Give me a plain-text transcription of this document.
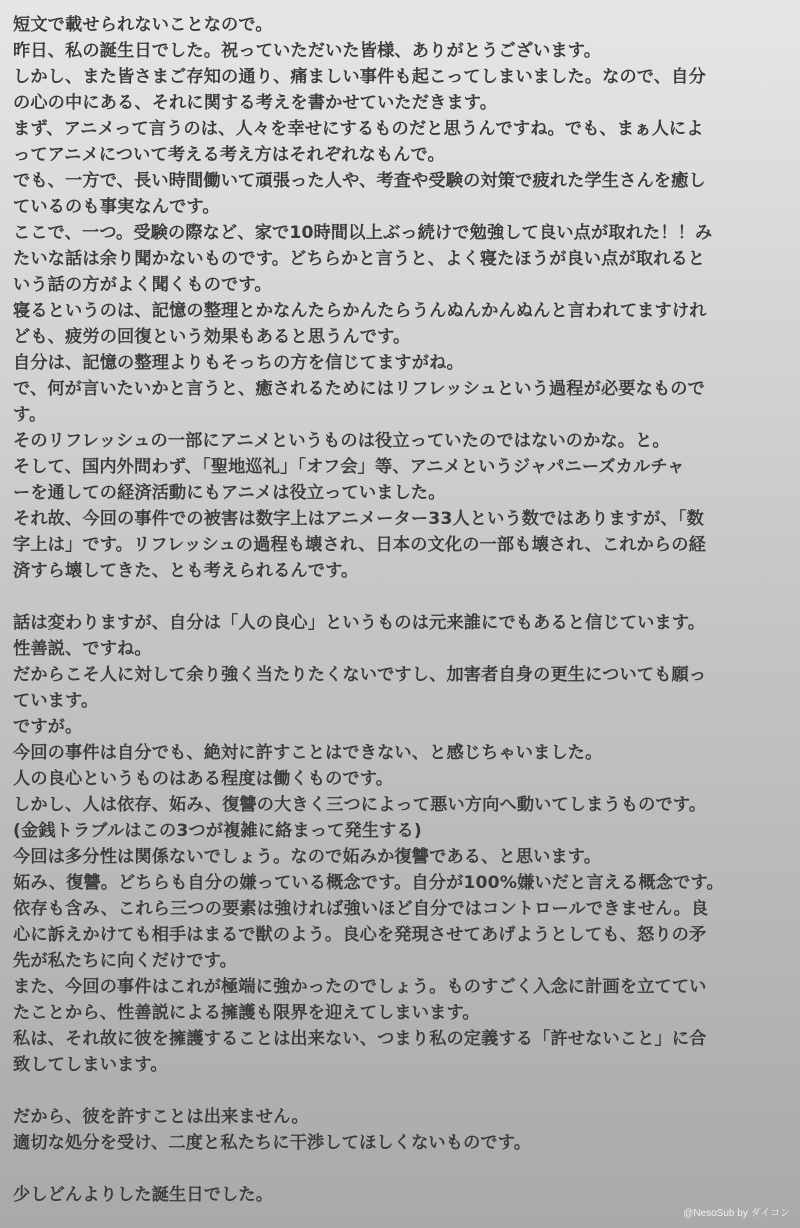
短文で載せられないことなので。
昨日、私の誕生日でした。祝っていただいた皆様、ありがとうございます。
しかし、また皆さまご存知の通り、痛ましい事件も起こってしまいました。なので、自分
の心の中にある、それに関する考えを書かせていただきます。
まず、アニメって言うのは、人々を幸せにするものだと思うんですね。でも、まぁ人によ
ってアニメについて考える考え方はそれぞれなもんで。
でも、一方で、長い時間働いて頑張った人や、考査や受験の対策で疲れた学生さんを癒し
ているのも事実なんです。
ここで、一つ。受験の際など、家で10時間以上ぶっ続けで勉強して良い点が取れた！！み
たいな話は余り聞かないものです。どちらかと言うと、よく寝たほうが良い点が取れると
いう話の方がよく聞くものです。
寝るというのは、記憶の整理とかなんたらかんたらうんぬんかんぬんと言われてますけれ
ども、疲労の回復という効果もあると思うんです。
自分は、記憶の整理よりもそっちの方を信じてますがね。
で、何が言いたいかと言うと、癒されるためにはリフレッシュという過程が必要なもので
す。
そのリフレッシュの一部にアニメというものは役立っていたのではないのかな。と。
そして、国内外問わず、「聖地巡礼」「オフ会」等、アニメというジャパニーズカルチャ
ーを通しての経済活動にもアニメは役立っていました。
それ故、今回の事件での被害は数字上はアニメーター33人という数ではありますが、「数
字上は」です。リフレッシュの過程も壊され、日本の文化の一部も壊され、これからの経
済すら壊してきた、とも考えられるんです。
話は変わりますが、自分は「人の良心」というものは元来誰にでもあると信じています。
性善説、ですね。
だからこそ人に対して余り強く当たりたくないですし、加害者自身の更生についても願っ
ています。
ですが。
今回の事件は自分でも、絶対に許すことはできない、と感じちゃいました。
人の良心というものはある程度は働くものです。
しかし、人は依存、妬み、復讐の大きく三つによって悪い方向へ動いてしまうものです。
(金銭トラブルはこの3つが複雑に絡まって発生する)
今回は多分性は関係ないでしょう。なので妬みか復讐である、と思います。
妬み、復讐。どちらも自分の嫌っている概念です。自分が100%嫌いだと言える概念です。
依存も含み、これら三つの要素は強ければ強いほど自分ではコントロールできません。良
心に訴えかけても相手はまるで獣のよう。良心を発現させてあげようとしても、怒りの矛
先が私たちに向くだけです。
また、今回の事件はこれが極端に強かったのでしょう。ものすごく入念に計画を立ててい
たことから、性善説による擁護も限界を迎えてしまいます。
私は、それ故に彼を擁護することは出来ない、つまり私の定義する「許せないこと」に合
致してしまいます。
だから、彼を許すことは出来ません。
適切な処分を受け、二度と私たちに干渉してほしくないものです。
少しどんよりした誕生日でした。
@NesoSub by ダイコン
